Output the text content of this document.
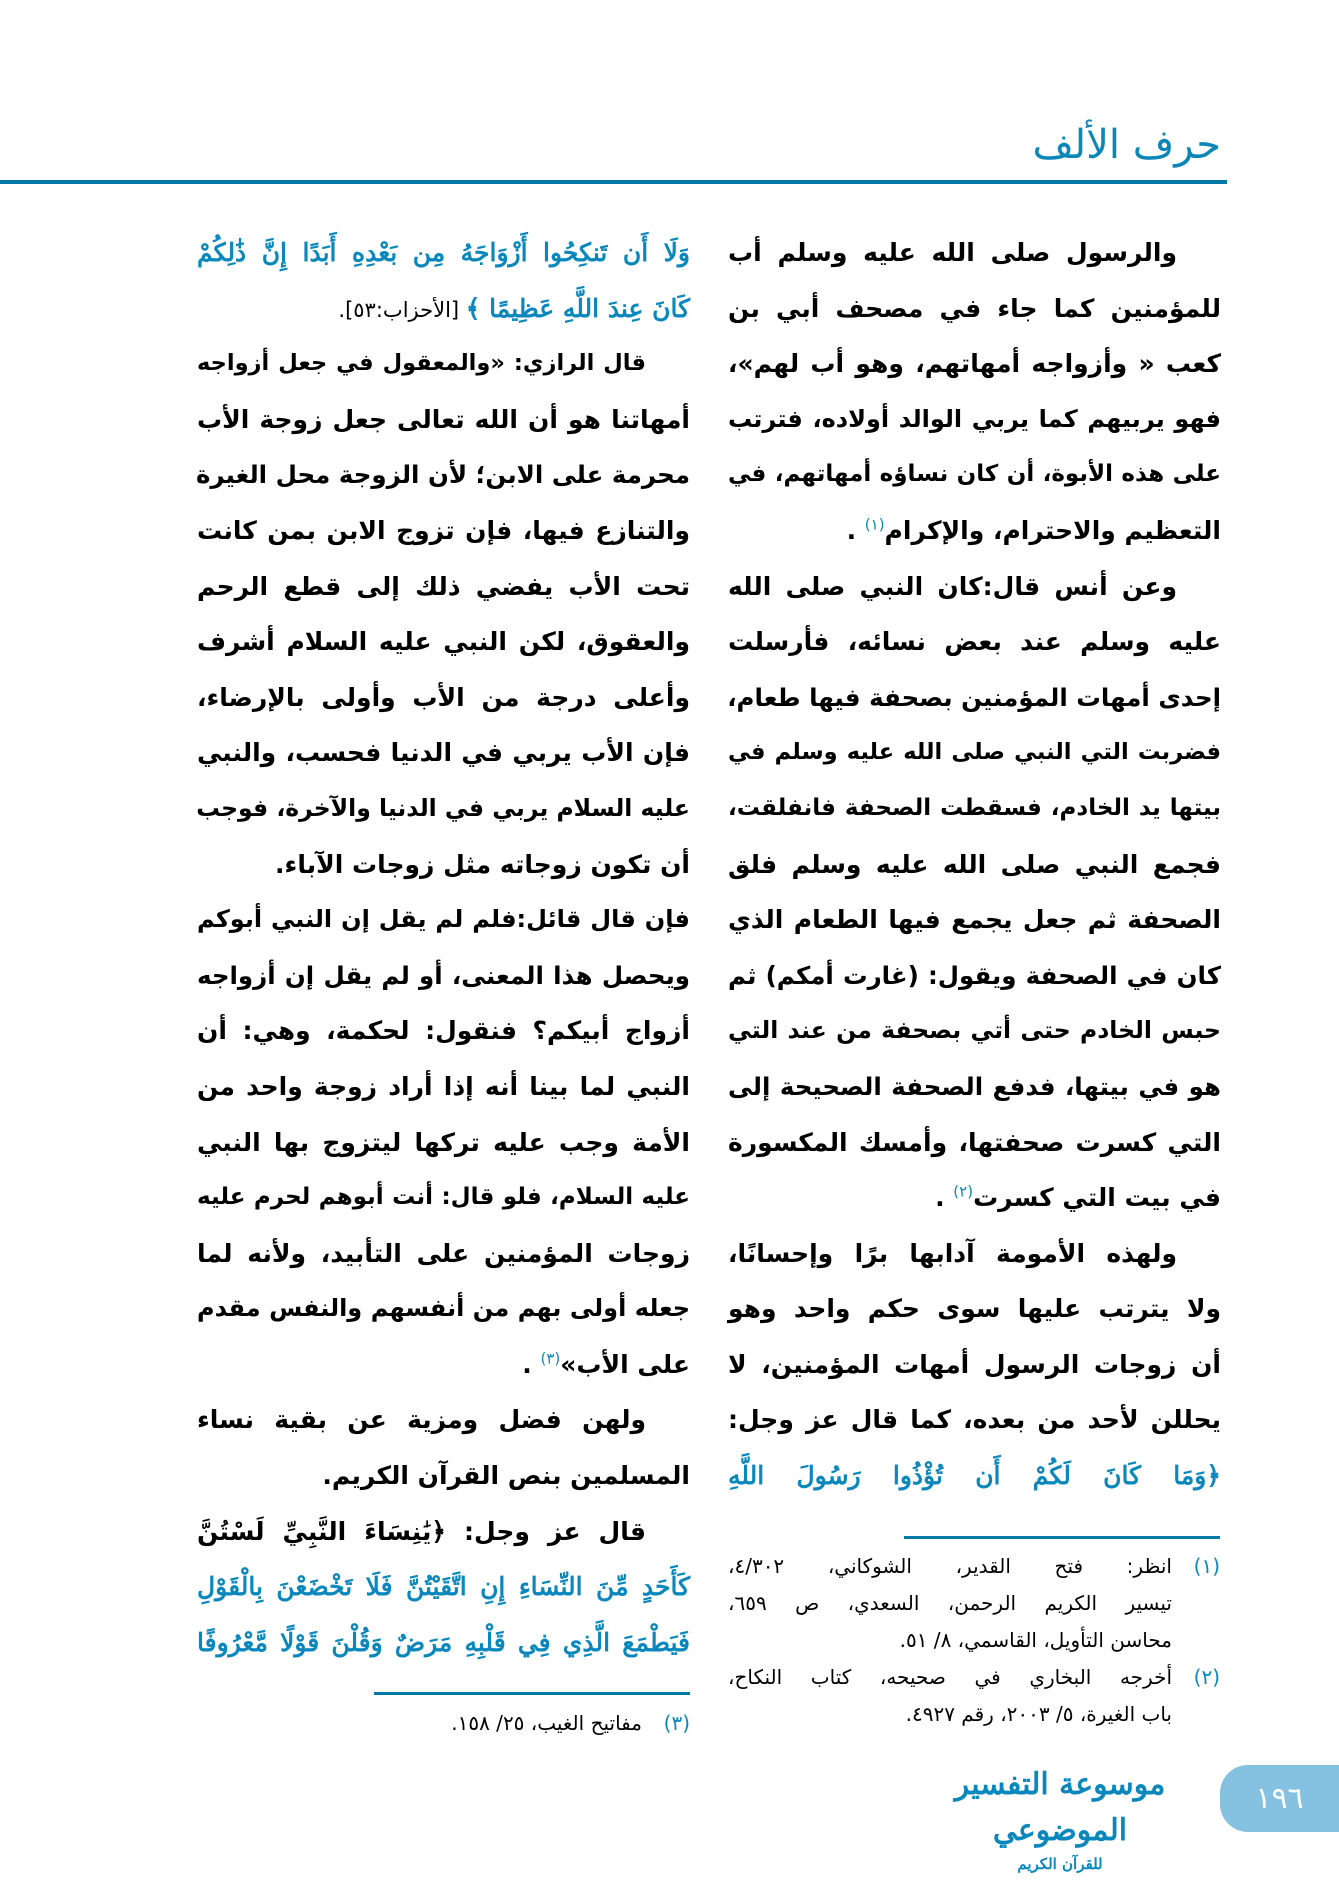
حرف الألف
والرسول صلى الله عليه وسلم أب
للمؤمنين كما جاء في مصحف أبي بن
كعب « وأزواجه أمهاتهم، وهو أب لهم»،
فهو يربيهم كما يربي الوالد أولاده، فترتب
على هذه الأبوة، أن كان نساؤه أمهاتهم، في
التعظيم والاحترام، والإكرام$^{(١)}$ .
وعن أنس قال:كان النبي صلى الله
عليه وسلم عند بعض نسائه، فأرسلت
إحدى أمهات المؤمنين بصحفة فيها طعام،
فضربت التي النبي صلى الله عليه وسلم في
بيتها يد الخادم، فسقطت الصحفة فانفلقت،
فجمع النبي صلى الله عليه وسلم فلق
الصحفة ثم جعل يجمع فيها الطعام الذي
كان في الصحفة ويقول: (غارت أمكم) ثم
حبس الخادم حتى أتي بصحفة من عند التي
هو في بيتها، فدفع الصحفة الصحيحة إلى
التي كسرت صحفتها، وأمسك المكسورة
في بيت التي كسرت$^{(٢)}$ .
ولهذه الأمومة آدابها برًا وإحسانًا،
ولا يترتب عليها سوى حكم واحد وهو
أن زوجات الرسول أمهات المؤمنين، لا
يحللن لأحد من بعده، كما قال عز وجل:
﴿وَمَا كَانَ لَكُمْ أَن تُؤْذُوا رَسُولَ اللَّهِ
وَلَا أَن تَنكِحُوا أَزْوَاجَهُ مِن بَعْدِهِ أَبَدًا إِنَّ ذَٰلِكُمْ
كَانَ عِندَ اللَّهِ عَظِيمًا ﴾ [الأحزاب:٥٣].
قال الرازي: «والمعقول في جعل أزواجه
أمهاتنا هو أن الله تعالى جعل زوجة الأب
محرمة على الابن؛ لأن الزوجة محل الغيرة
والتنازع فيها، فإن تزوج الابن بمن كانت
تحت الأب يفضي ذلك إلى قطع الرحم
والعقوق، لكن النبي عليه السلام أشرف
وأعلى درجة من الأب وأولى بالإرضاء،
فإن الأب يربي في الدنيا فحسب، والنبي
عليه السلام يربي في الدنيا والآخرة، فوجب
أن تكون زوجاته مثل زوجات الآباء.
فإن قال قائل:فلم لم يقل إن النبي أبوكم
ويحصل هذا المعنى، أو لم يقل إن أزواجه
أزواج أبيكم؟ فنقول: لحكمة، وهي: أن
النبي لما بينا أنه إذا أراد زوجة واحد من
الأمة وجب عليه تركها ليتزوج بها النبي
عليه السلام، فلو قال: أنت أبوهم لحرم عليه
زوجات المؤمنين على التأبيد، ولأنه لما
جعله أولى بهم من أنفسهم والنفس مقدم
على الأب»$^{(٣)}$ .
ولهن فضل ومزية عن بقية نساء
المسلمين بنص القرآن الكريم.
قال عز وجل: ﴿يَٰنِسَاءَ النَّبِيِّ لَسْتُنَّ
كَأَحَدٍ مِّنَ النِّسَاءِ إِنِ اتَّقَيْتُنَّ فَلَا تَخْضَعْنَ بِالْقَوْلِ
فَيَطْمَعَ الَّذِي فِي قَلْبِهِ مَرَضٌ وَقُلْنَ قَوْلًا مَّعْرُوفًا
(١)
انظر: فتح القدير، الشوكاني، ٤/٣٠٢،
تيسير الكريم الرحمن، السعدي، ص ٦٥٩،
محاسن التأويل، القاسمي، ٨/ ٥١.
(٢)
أخرجه البخاري في صحيحه، كتاب النكاح،
باب الغيرة، ٥/ ٢٠٠٣، رقم ٤٩٢٧.
(٣)
مفاتيح الغيب، ٢٥/ ١٥٨.
موسوعة التفسير الموضوعي
للقرآن الكريم
١٩٦
